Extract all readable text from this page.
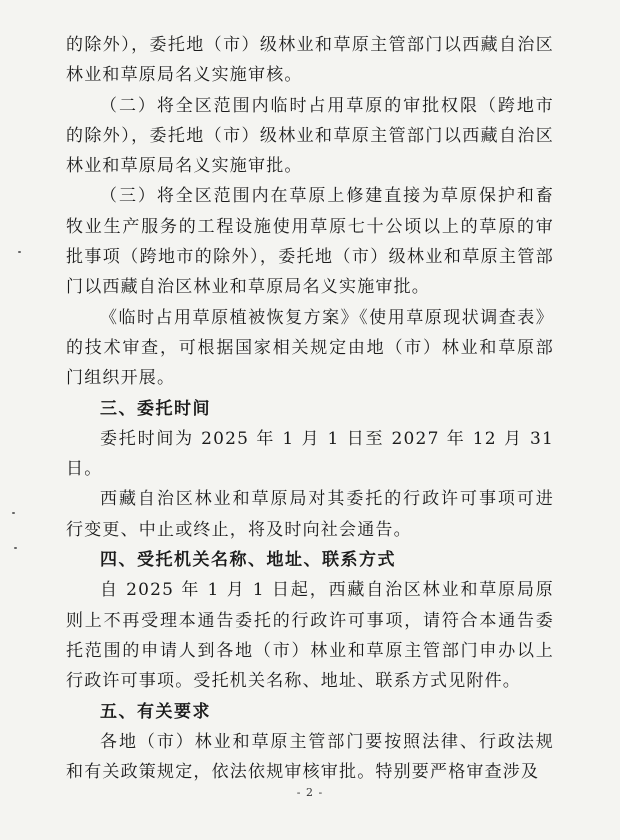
的除外），委托地（市）级林业和草原主管部门以西藏自治区林业和草原局名义实施审核。

（二）将全区范围内临时占用草原的审批权限（跨地市的除外），委托地（市）级林业和草原主管部门以西藏自治区林业和草原局名义实施审批。

（三）将全区范围内在草原上修建直接为草原保护和畜牧业生产服务的工程设施使用草原七十公顷以上的草原的审批事项（跨地市的除外），委托地（市）级林业和草原主管部门以西藏自治区林业和草原局名义实施审批。

《临时占用草原植被恢复方案》《使用草原现状调查表》的技术审查，可根据国家相关规定由地（市）林业和草原部门组织开展。

三、委托时间

委托时间为 2025 年 1 月 1 日至 2027 年 12 月 31 日。

西藏自治区林业和草原局对其委托的行政许可事项可进行变更、中止或终止，将及时向社会通告。

四、受托机关名称、地址、联系方式

自 2025 年 1 月 1 日起，西藏自治区林业和草原局原则上不再受理本通告委托的行政许可事项，请符合本通告委托范围的申请人到各地（市）林业和草原主管部门申办以上行政许可事项。受托机关名称、地址、联系方式见附件。

五、有关要求

各地（市）林业和草原主管部门要按照法律、行政法规和有关政策规定，依法依规审核审批。特别要严格审查涉及

- 2 -
